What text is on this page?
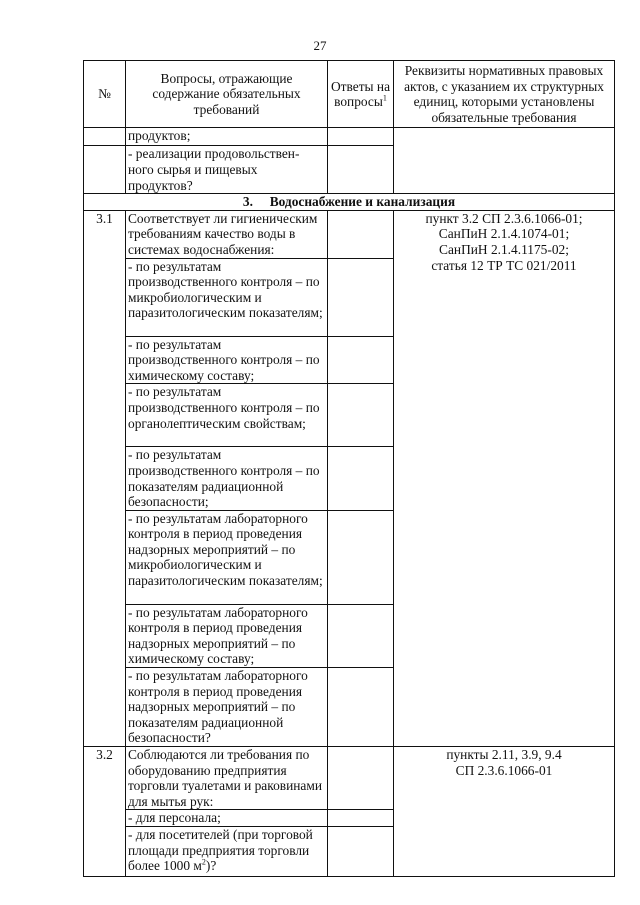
27
№	Вопросы, отражающие содержание обязательных требований	Ответы на вопросы$^1$	Реквизиты нормативных правовых актов, с указанием их структурных единиц, которыми установлены обязательные требования
	продуктов;		
	- реализации продовольствен-ного сырья и пищевых продуктов?		
3. Водоснабжение и канализация			
3.1	Соответствует ли гигиеническим требованиям качество воды в системах водоснабжения:		пункт 3.2 СП 2.3.6.1066-01;
СанПиН 2.1.4.1074-01;
СанПиН 2.1.4.1175-02;
статья 12 ТР ТС 021/2011

	- по результатам производственного контроля – по микробиологическим и паразитологическим показателям;		
	- по результатам производственного контроля – по химическому составу;		
	- по результатам производственного контроля – по органолептическим свойствам;		
	- по результатам производственного контроля – по показателям радиационной безопасности;		
	- по результатам лабораторного контроля в период проведения надзорных мероприятий – по микробиологическим и паразитологическим показателям;		
	- по результатам лабораторного контроля в период проведения надзорных мероприятий – по химическому составу;		
	- по результатам лабораторного контроля в период проведения надзорных мероприятий – по показателям радиационной безопасности?		
3.2	Соблюдаются ли требования по оборудованию предприятия торговли туалетами и раковинами для мытья рук:		пункты 2.11, 3.9, 9.4
СП 2.3.6.1066-01

	- для персонала;		
	- для посетителей (при торговой площади предприятия торговли более 1000 $м^2$)?		
